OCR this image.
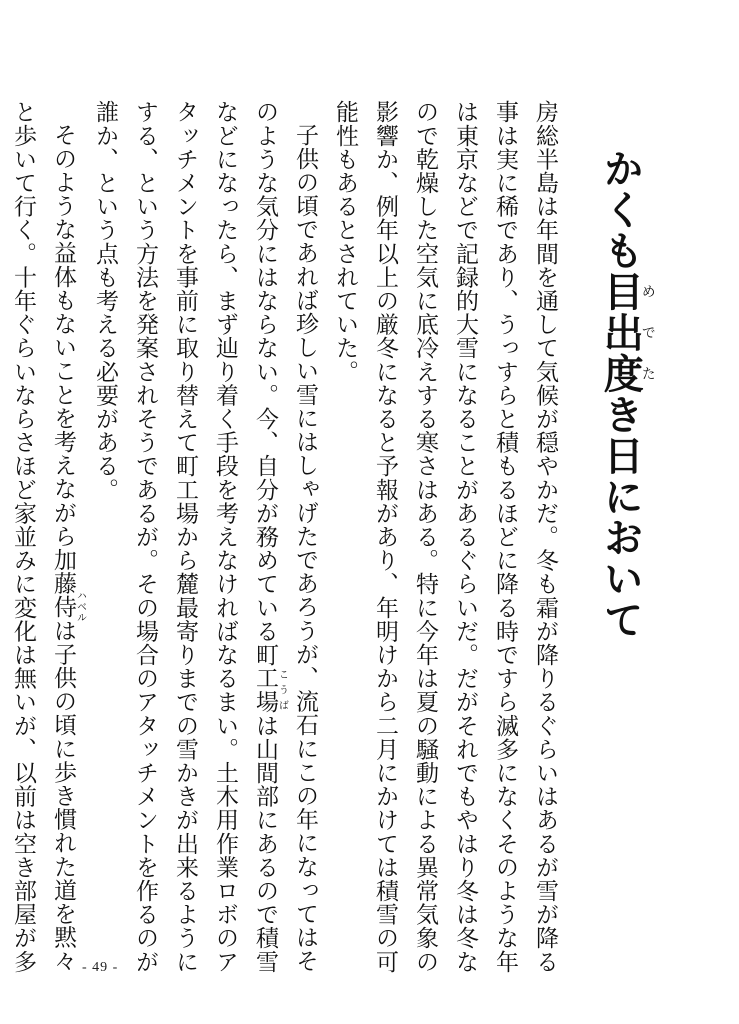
かくも目出めで度たき日において

房総半島は年間を通して気候が穏やかだ。冬も霜が降りるぐらいはあるが雪が降る事は実に稀であり、うっすらと積もるほどに降る時ですら滅多になくそのような年は東京などで記録的大雪になることがあるぐらいだ。だがそれでもやはり冬は冬なので乾燥した空気に底冷えする寒さはある。特に今年は夏の騒動による異常気象の影響か、例年以上の厳冬になると予報があり、年明けから二月にかけては積雪の可能性もあるとされていた。

子供の頃であれば珍しい雪にはしゃげたであろうが、流石にこの年になってはそのような気分にはならない。今、自分が務めている町工場こうばは山間部にあるので積雪などになったら、まず辿り着く手段を考えなければなるまい。土木用作業ロボのアタッチメントを事前に取り替えて町工場から麓最寄りまでの雪かきが出来るようにする、という方法を発案されそうであるが。その場合のアタッチメントを作るのが誰か、という点も考える必要がある。

そのような益体もないことを考えながら加藤侍ハベルは子供の頃に歩き慣れた道を黙々と歩いて行く。十年ぐらいならさほど家並みに変化は無いが、以前は空き部屋が多	- 49 -
